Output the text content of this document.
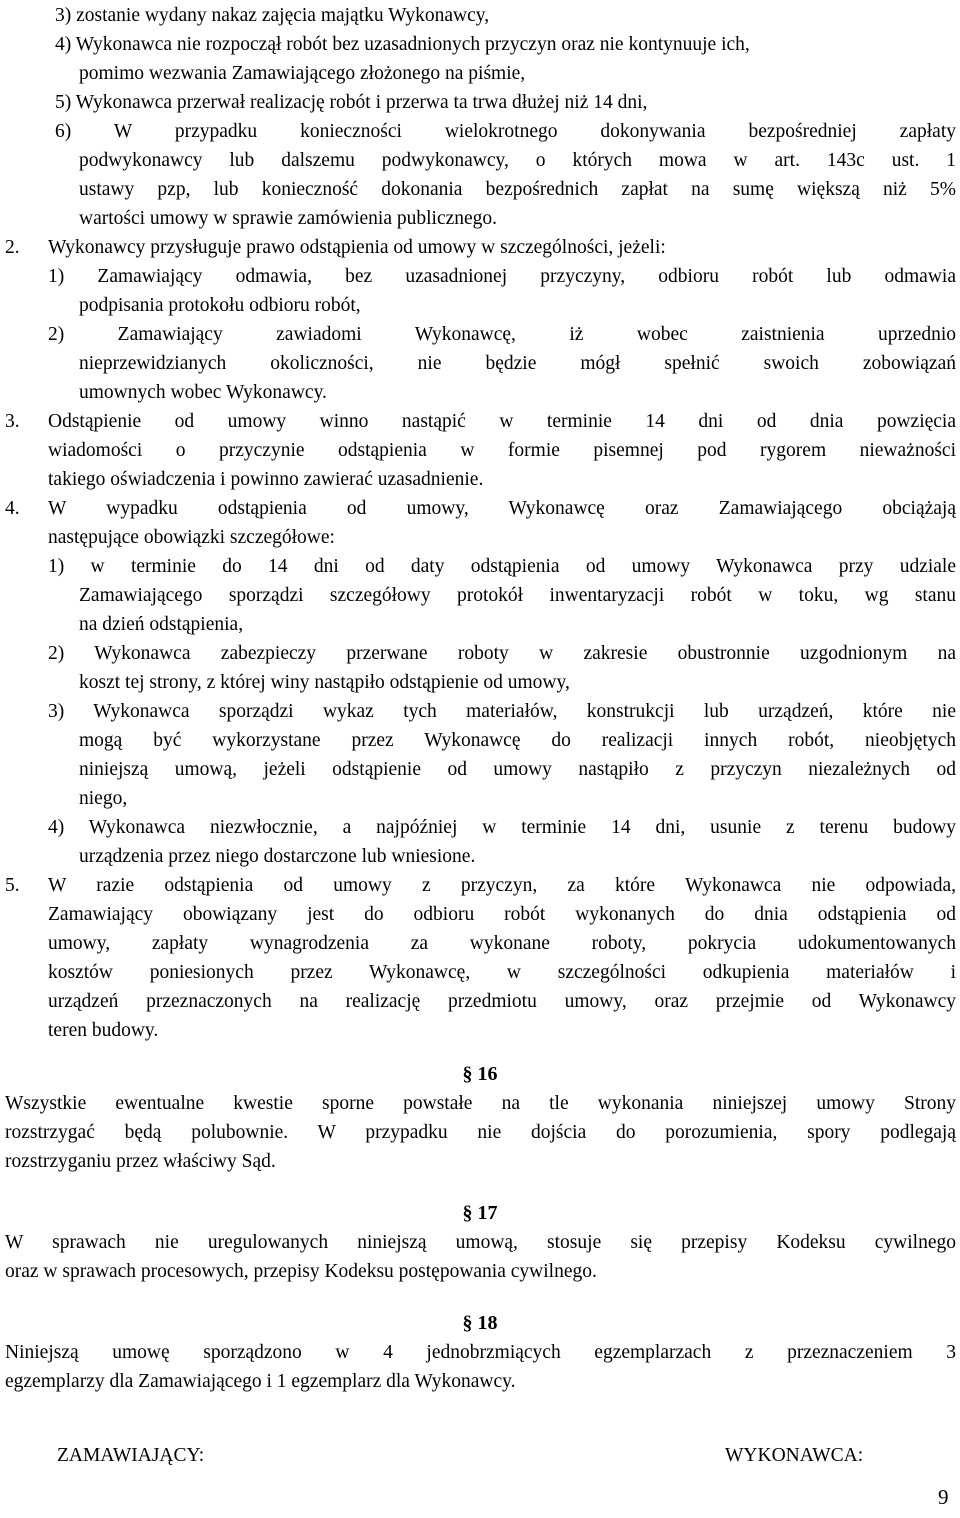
3) zostanie wydany nakaz zajęcia majątku Wykonawcy,
4) Wykonawca nie rozpoczął robót bez uzasadnionych przyczyn oraz nie kontynuuje ich,
pomimo wezwania Zamawiającego złożonego na piśmie,
5) Wykonawca przerwał realizację robót i przerwa ta trwa dłużej niż 14 dni,
6) W przypadku konieczności wielokrotnego dokonywania bezpośredniej zapłaty
podwykonawcy lub dalszemu podwykonawcy, o których mowa w art. 143c ust. 1
ustawy pzp, lub konieczność dokonania bezpośrednich zapłat na sumę większą niż 5%
wartości umowy w sprawie zamówienia publicznego.
2. Wykonawcy przysługuje prawo odstąpienia od umowy w szczególności, jeżeli:
1) Zamawiający odmawia, bez uzasadnionej przyczyny, odbioru robót lub odmawia
podpisania protokołu odbioru robót,
2) Zamawiający zawiadomi Wykonawcę, iż wobec zaistnienia uprzednio
nieprzewidzianych okoliczności, nie będzie mógł spełnić swoich zobowiązań
umownych wobec Wykonawcy.
3. Odstąpienie od umowy winno nastąpić w terminie 14 dni od dnia powzięcia
wiadomości o przyczynie odstąpienia w formie pisemnej pod rygorem nieważności
takiego oświadczenia i powinno zawierać uzasadnienie.
4. W wypadku odstąpienia od umowy, Wykonawcę oraz Zamawiającego obciążają
następujące obowiązki szczegółowe:
1) w terminie do 14 dni od daty odstąpienia od umowy Wykonawca przy udziale
Zamawiającego sporządzi szczegółowy protokół inwentaryzacji robót w toku, wg stanu
na dzień odstąpienia,
2) Wykonawca zabezpieczy przerwane roboty w zakresie obustronnie uzgodnionym na
koszt tej strony, z której winy nastąpiło odstąpienie od umowy,
3) Wykonawca sporządzi wykaz tych materiałów, konstrukcji lub urządzeń, które nie
mogą być wykorzystane przez Wykonawcę do realizacji innych robót, nieobjętych
niniejszą umową, jeżeli odstąpienie od umowy nastąpiło z przyczyn niezależnych od
niego,
4) Wykonawca niezwłocznie, a najpóźniej w terminie 14 dni, usunie z terenu budowy
urządzenia przez niego dostarczone lub wniesione.
5. W razie odstąpienia od umowy z przyczyn, za które Wykonawca nie odpowiada,
Zamawiający obowiązany jest do odbioru robót wykonanych do dnia odstąpienia od
umowy, zapłaty wynagrodzenia za wykonane roboty, pokrycia udokumentowanych
kosztów poniesionych przez Wykonawcę, w szczególności odkupienia materiałów i
urządzeń przeznaczonych na realizację przedmiotu umowy, oraz przejmie od Wykonawcy
teren budowy.
Wszystkie ewentualne kwestie sporne powstałe na tle wykonania niniejszej umowy Strony
rozstrzygać będą polubownie. W przypadku nie dojścia do porozumienia, spory podlegają
rozstrzyganiu przez właściwy Sąd.
W sprawach nie uregulowanych niniejszą umową, stosuje się przepisy Kodeksu cywilnego
oraz w sprawach procesowych, przepisy Kodeksu postępowania cywilnego.
Niniejszą umowę sporządzono w 4 jednobrzmiących egzemplarzach z przeznaczeniem 3
egzemplarzy dla Zamawiającego i 1 egzemplarz dla Wykonawcy.
ZAMAWIAJĄCY:	WYKONAWCA:
§ 16
§ 17
§ 18
9
